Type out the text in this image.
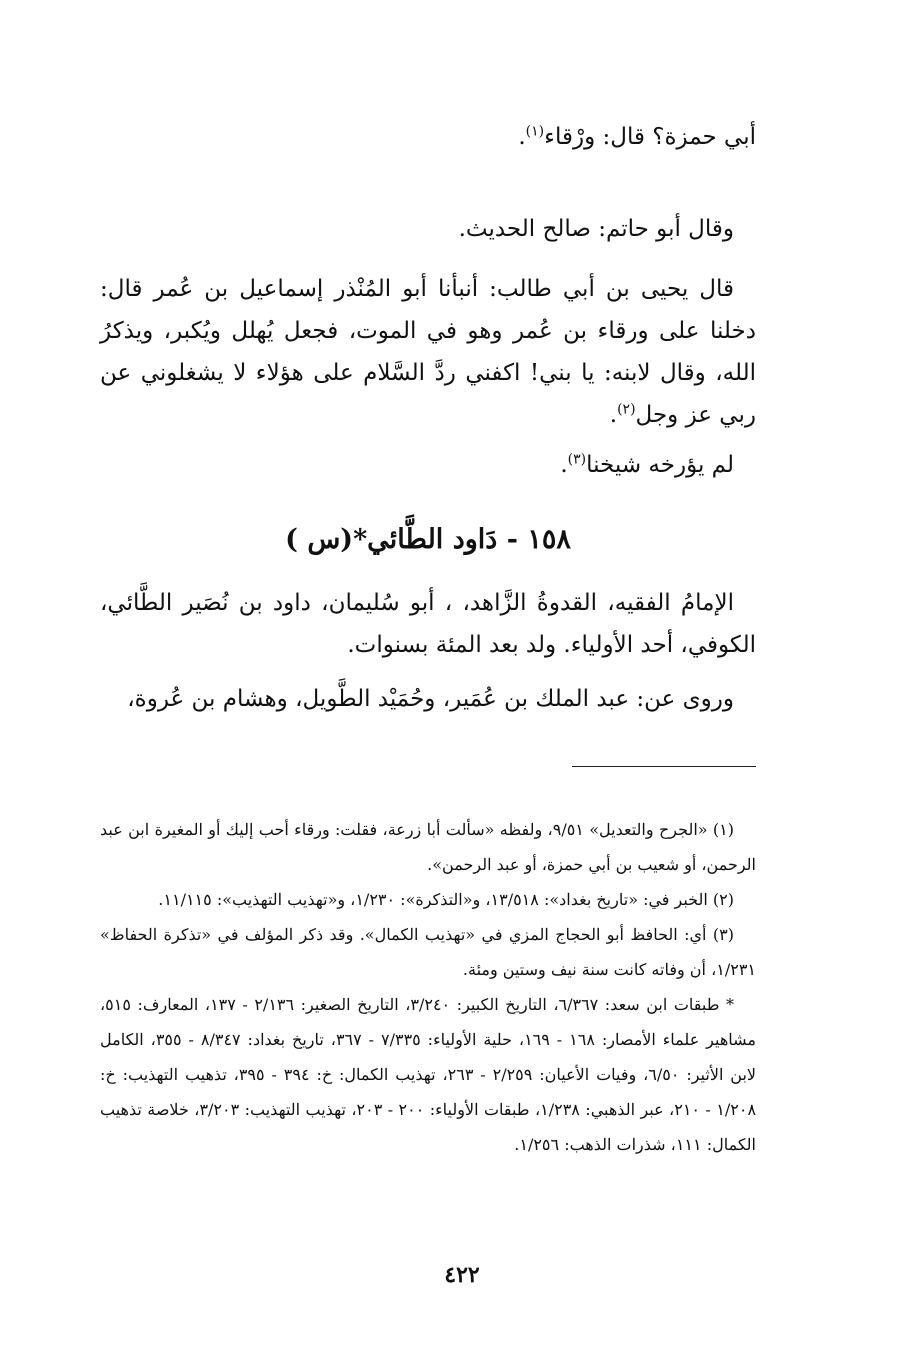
أبي حمزة؟ قال: ورْقاء$^{(١)}$.

وقال أبو حاتم: صالح الحديث.

قال يحيى بن أبي طالب: أنبأنا أبو المُنْذر إسماعيل بن عُمر قال: دخلنا على ورقاء بن عُمر وهو في الموت، فجعل يُهلل ويُكبر، ويذكرُ الله، وقال لابنه: يا بني! اكفني ردَّ السَّلام على هؤلاء لا يشغلوني عن ربي عز وجل$^{(٢)}$.

لم يؤرخه شيخنا$^{(٣)}$.

١٥٨ - دَاود الطَّائي*(س )

الإمامُ الفقيه، القدوةُ الزَّاهد، ، أبو سُليمان، داود بن نُصَير الطَّائي، الكوفي، أحد الأولياء. ولد بعد المئة بسنوات.

وروى عن: عبد الملك بن عُمَير، وحُمَيْد الطَّويل، وهشام بن عُروة،

(١) «الجرح والتعديل» ٩/٥١، ولفظه «سألت أبا زرعة، فقلت: ورقاء أحب إليك أو المغيرة ابن عبد الرحمن، أو شعيب بن أبي حمزة، أو عبد الرحمن».

(٢) الخبر في: «تاريخ بغداد»: ١٣/٥١٨، و«التذكرة»: ١/٢٣٠، و«تهذيب التهذيب»: ١١/١١٥.

(٣) أي: الحافظ أبو الحجاج المزي في «تهذيب الكمال». وقد ذكر المؤلف في «تذكرة الحفاظ» ١/٢٣١، أن وفاته كانت سنة نيف وستين ومئة.

* طبقات ابن سعد: ٦/٣٦٧، التاريخ الكبير: ٣/٢٤٠، التاريخ الصغير: ٢/١٣٦ - ١٣٧، المعارف: ٥١٥، مشاهير علماء الأمصار: ١٦٨ - ١٦٩، حلية الأولياء: ٧/٣٣٥ - ٣٦٧، تاريخ بغداد: ٨/٣٤٧ - ٣٥٥، الكامل لابن الأثير: ٦/٥٠، وفيات الأعيان: ٢/٢٥٩ - ٢٦٣، تهذيب الكمال: خ: ٣٩٤ - ٣٩٥، تذهيب التهذيب: خ: ١/٢٠٨ - ٢١٠، عبر الذهبي: ١/٢٣٨، طبقات الأولياء: ٢٠٠ - ٢٠٣، تهذيب التهذيب: ٣/٢٠٣، خلاصة تذهيب الكمال: ١١١، شذرات الذهب: ١/٢٥٦.

٤٢٢
